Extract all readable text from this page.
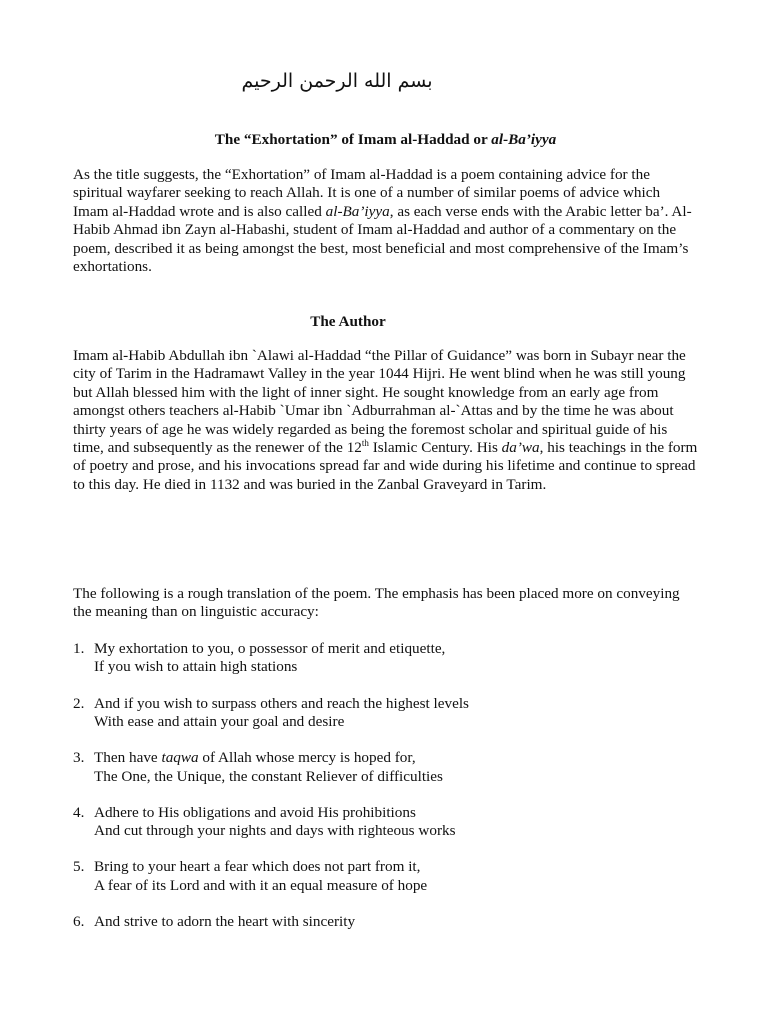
بسم الله الرحمن الرحيم
The “Exhortation” of Imam al-Haddad or al-Ba’iyya

As the title suggests, the “Exhortation” of Imam al-Haddad is a poem containing advice for the spiritual wayfarer seeking to reach Allah. It is one of a number of similar poems of advice which Imam al-Haddad wrote and is also called al-Ba’iyya, as each verse ends with the Arabic letter ba’. Al-Habib Ahmad ibn Zayn al-Habashi, student of Imam al-Haddad and author of a commentary on the poem, described it as being amongst the best, most beneficial and most comprehensive of the Imam’s exhortations.

The Author

Imam al-Habib Abdullah ibn `Alawi al-Haddad “the Pillar of Guidance” was born in Subayr near the city of Tarim in the Hadramawt Valley in the year 1044 Hijri. He went blind when he was still young but Allah blessed him with the light of inner sight. He sought knowledge from an early age from amongst others teachers al-Habib `Umar ibn `Adburrahman al-`Attas and by the time he was about thirty years of age he was widely regarded as being the foremost scholar and spiritual guide of his time, and subsequently as the renewer of the 12th Islamic Century. His da’wa, his teachings in the form of poetry and prose, and his invocations spread far and wide during his lifetime and continue to spread to this day. He died in 1132 and was buried in the Zanbal Graveyard in Tarim.

The following is a rough translation of the poem. The emphasis has been placed more on conveying the meaning than on linguistic accuracy:

1. My exhortation to you, o possessor of merit and etiquette,
If you wish to attain high stations
2. And if you wish to surpass others and reach the highest levels
With ease and attain your goal and desire
3. Then have taqwa of Allah whose mercy is hoped for,
The One, the Unique, the constant Reliever of difficulties
4. Adhere to His obligations and avoid His prohibitions
And cut through your nights and days with righteous works
5. Bring to your heart a fear which does not part from it,
A fear of its Lord and with it an equal measure of hope
6. And strive to adorn the heart with sincerity
